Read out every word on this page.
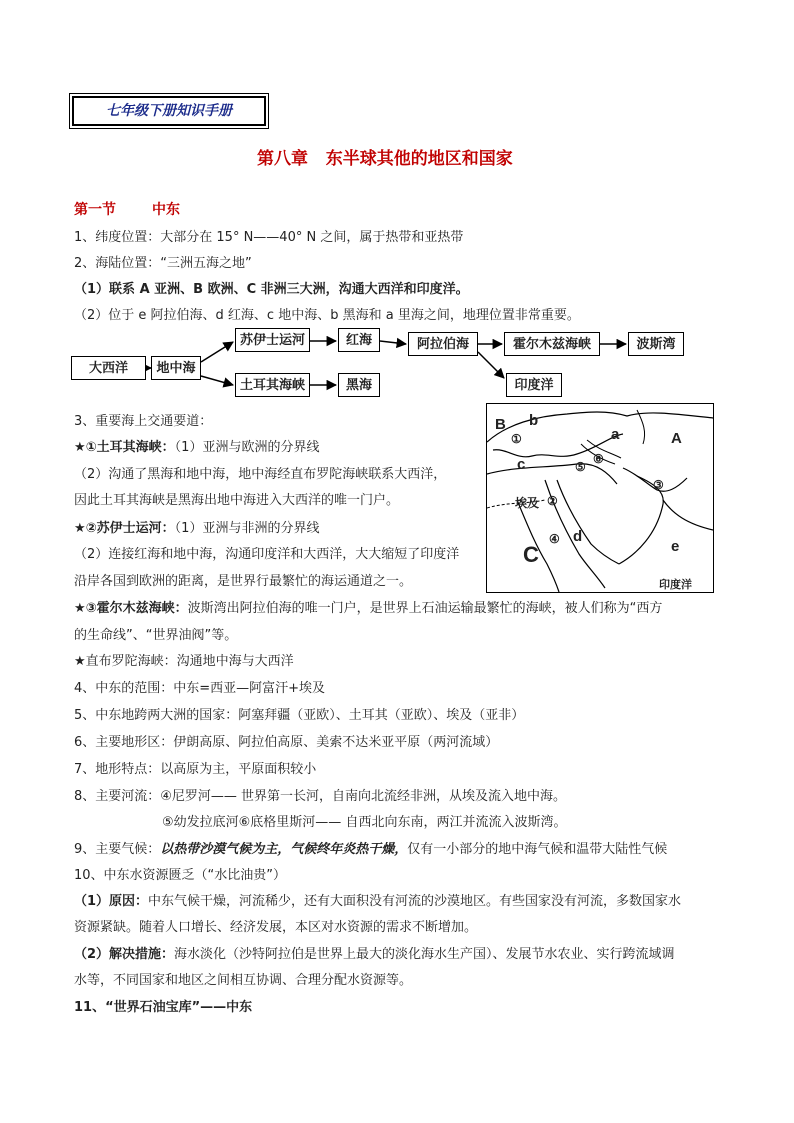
七年级下册知识手册
第八章   东半球其他的地区和国家
第一节	中东
1、纬度位置：大部分在 15° N——40° N 之间，属于热带和亚热带
2、海陆位置：“三洲五海之地”
（1）联系 A 亚洲、B 欧洲、C 非洲三大洲，沟通大西洋和印度洋。
（2）位于 e 阿拉伯海、d 红海、c 地中海、b 黑海和 a 里海之间，地理位置非常重要。
大西洋	地中海
苏伊士运河
土耳其海峡
红海
黑海
阿拉伯海	霍尔木兹海峡	波斯湾
印度洋
3、重要海上交通要道：
★①土耳其海峡：（1）亚洲与欧洲的分界线
（2）沟通了黑海和地中海，地中海经直布罗陀海峡联系大西洋，
因此土耳其海峡是黑海出地中海进入大西洋的唯一门户。
★②苏伊士运河：（1）亚洲与非洲的分界线
（2）连接红海和地中海，沟通印度洋和大西洋，大大缩短了印度洋
沿岸各国到欧洲的距离，是世界行最繁忙的海运通道之一。
B b
a	A
c
埃及
C
d
e
①
②
③
④
⑤
⑥
印度洋
★③霍尔木兹海峡：波斯湾出阿拉伯海的唯一门户，是世界上石油运输最繁忙的海峡，被人们称为“西方
的生命线”、“世界油阀”等。
★直布罗陀海峡：沟通地中海与大西洋
4、中东的范围：中东=西亚—阿富汗+埃及
5、中东地跨两大洲的国家：阿塞拜疆（亚欧）、土耳其（亚欧）、埃及（亚非）
6、主要地形区：伊朗高原、阿拉伯高原、美索不达米亚平原（两河流域）
7、地形特点：以高原为主，平原面积较小
8、主要河流：④尼罗河—— 世界第一长河，自南向北流经非洲，从埃及流入地中海。
⑤幼发拉底河⑥底格里斯河—— 自西北向东南，两江并流流入波斯湾。
9、主要气候：以热带沙漠气候为主，气候终年炎热干燥，仅有一小部分的地中海气候和温带大陆性气候
10、中东水资源匮乏（“水比油贵”）
（1）原因：中东气候干燥，河流稀少，还有大面积没有河流的沙漠地区。有些国家没有河流，多数国家水
资源紧缺。随着人口增长、经济发展，本区对水资源的需求不断增加。
（2）解决措施：海水淡化（沙特阿拉伯是世界上最大的淡化海水生产国）、发展节水农业、实行跨流域调
水等，不同国家和地区之间相互协调、合理分配水资源等。
11、“世界石油宝库”——中东
